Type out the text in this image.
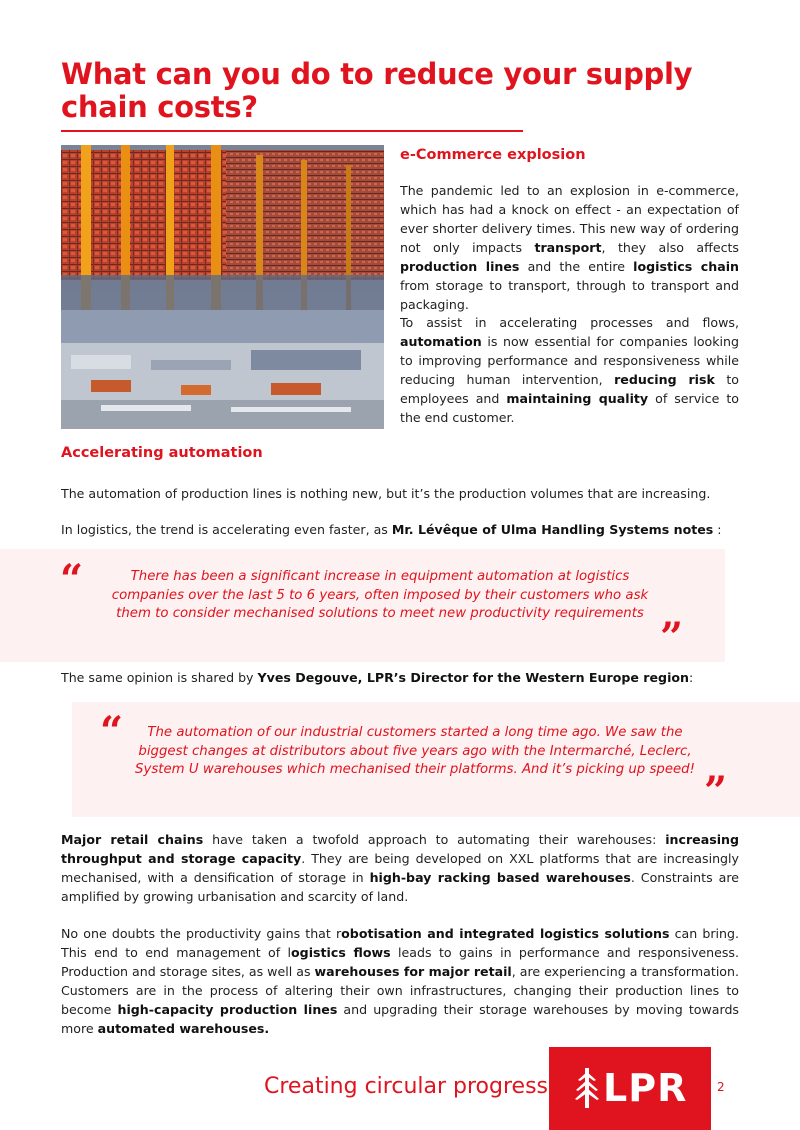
What can you do to reduce your supply chain costs?
e-Commerce explosion

The pandemic led to an explosion in e-commerce, which has had a knock on effect - an expectation of ever shorter delivery times. This new way of ordering not only impacts transport, they also affects production lines and the entire logistics chain from storage to transport, through to transport and packaging.

To assist in accelerating processes and flows, automation is now essential for companies looking to improving performance and responsiveness while reducing human intervention, reducing risk to employees and maintaining quality of service to the end customer.

Accelerating automation

The automation of production lines is nothing new, but it’s the production volumes that are increasing.

In logistics, the trend is accelerating even faster, as Mr. Lévêque of Ulma Handling Systems notes :

“	There has been a significant increase in equipment automation at logistics companies over the last 5 to 6 years, often imposed by their customers who ask them to consider mechanised solutions to meet new productivity requirements

”

The same opinion is shared by Yves Degouve, LPR’s Director for the Western Europe region:

“	The automation of our industrial customers started a long time ago. We saw the biggest changes at distributors about five years ago with the Intermarché, Leclerc, System U warehouses which mechanised their platforms. And it’s picking up speed! ”

Major retail chains have taken a twofold approach to automating their warehouses: increasing throughput and storage capacity. They are being developed on XXL platforms that are increasingly mechanised, with a densification of storage in high-bay racking based warehouses. Constraints are amplified by growing urbanisation and scarcity of land.

No one doubts the productivity gains that robotisation and integrated logistics solutions can bring. This end to end management of logistics flows leads to gains in performance and responsiveness. Production and storage sites, as well as warehouses for major retail, are experiencing a transformation. Customers are in the process of altering their own infrastructures, changing their production lines to become high-capacity production lines and upgrading their storage warehouses by moving towards more automated warehouses.

Creating circular progress LPR 2
